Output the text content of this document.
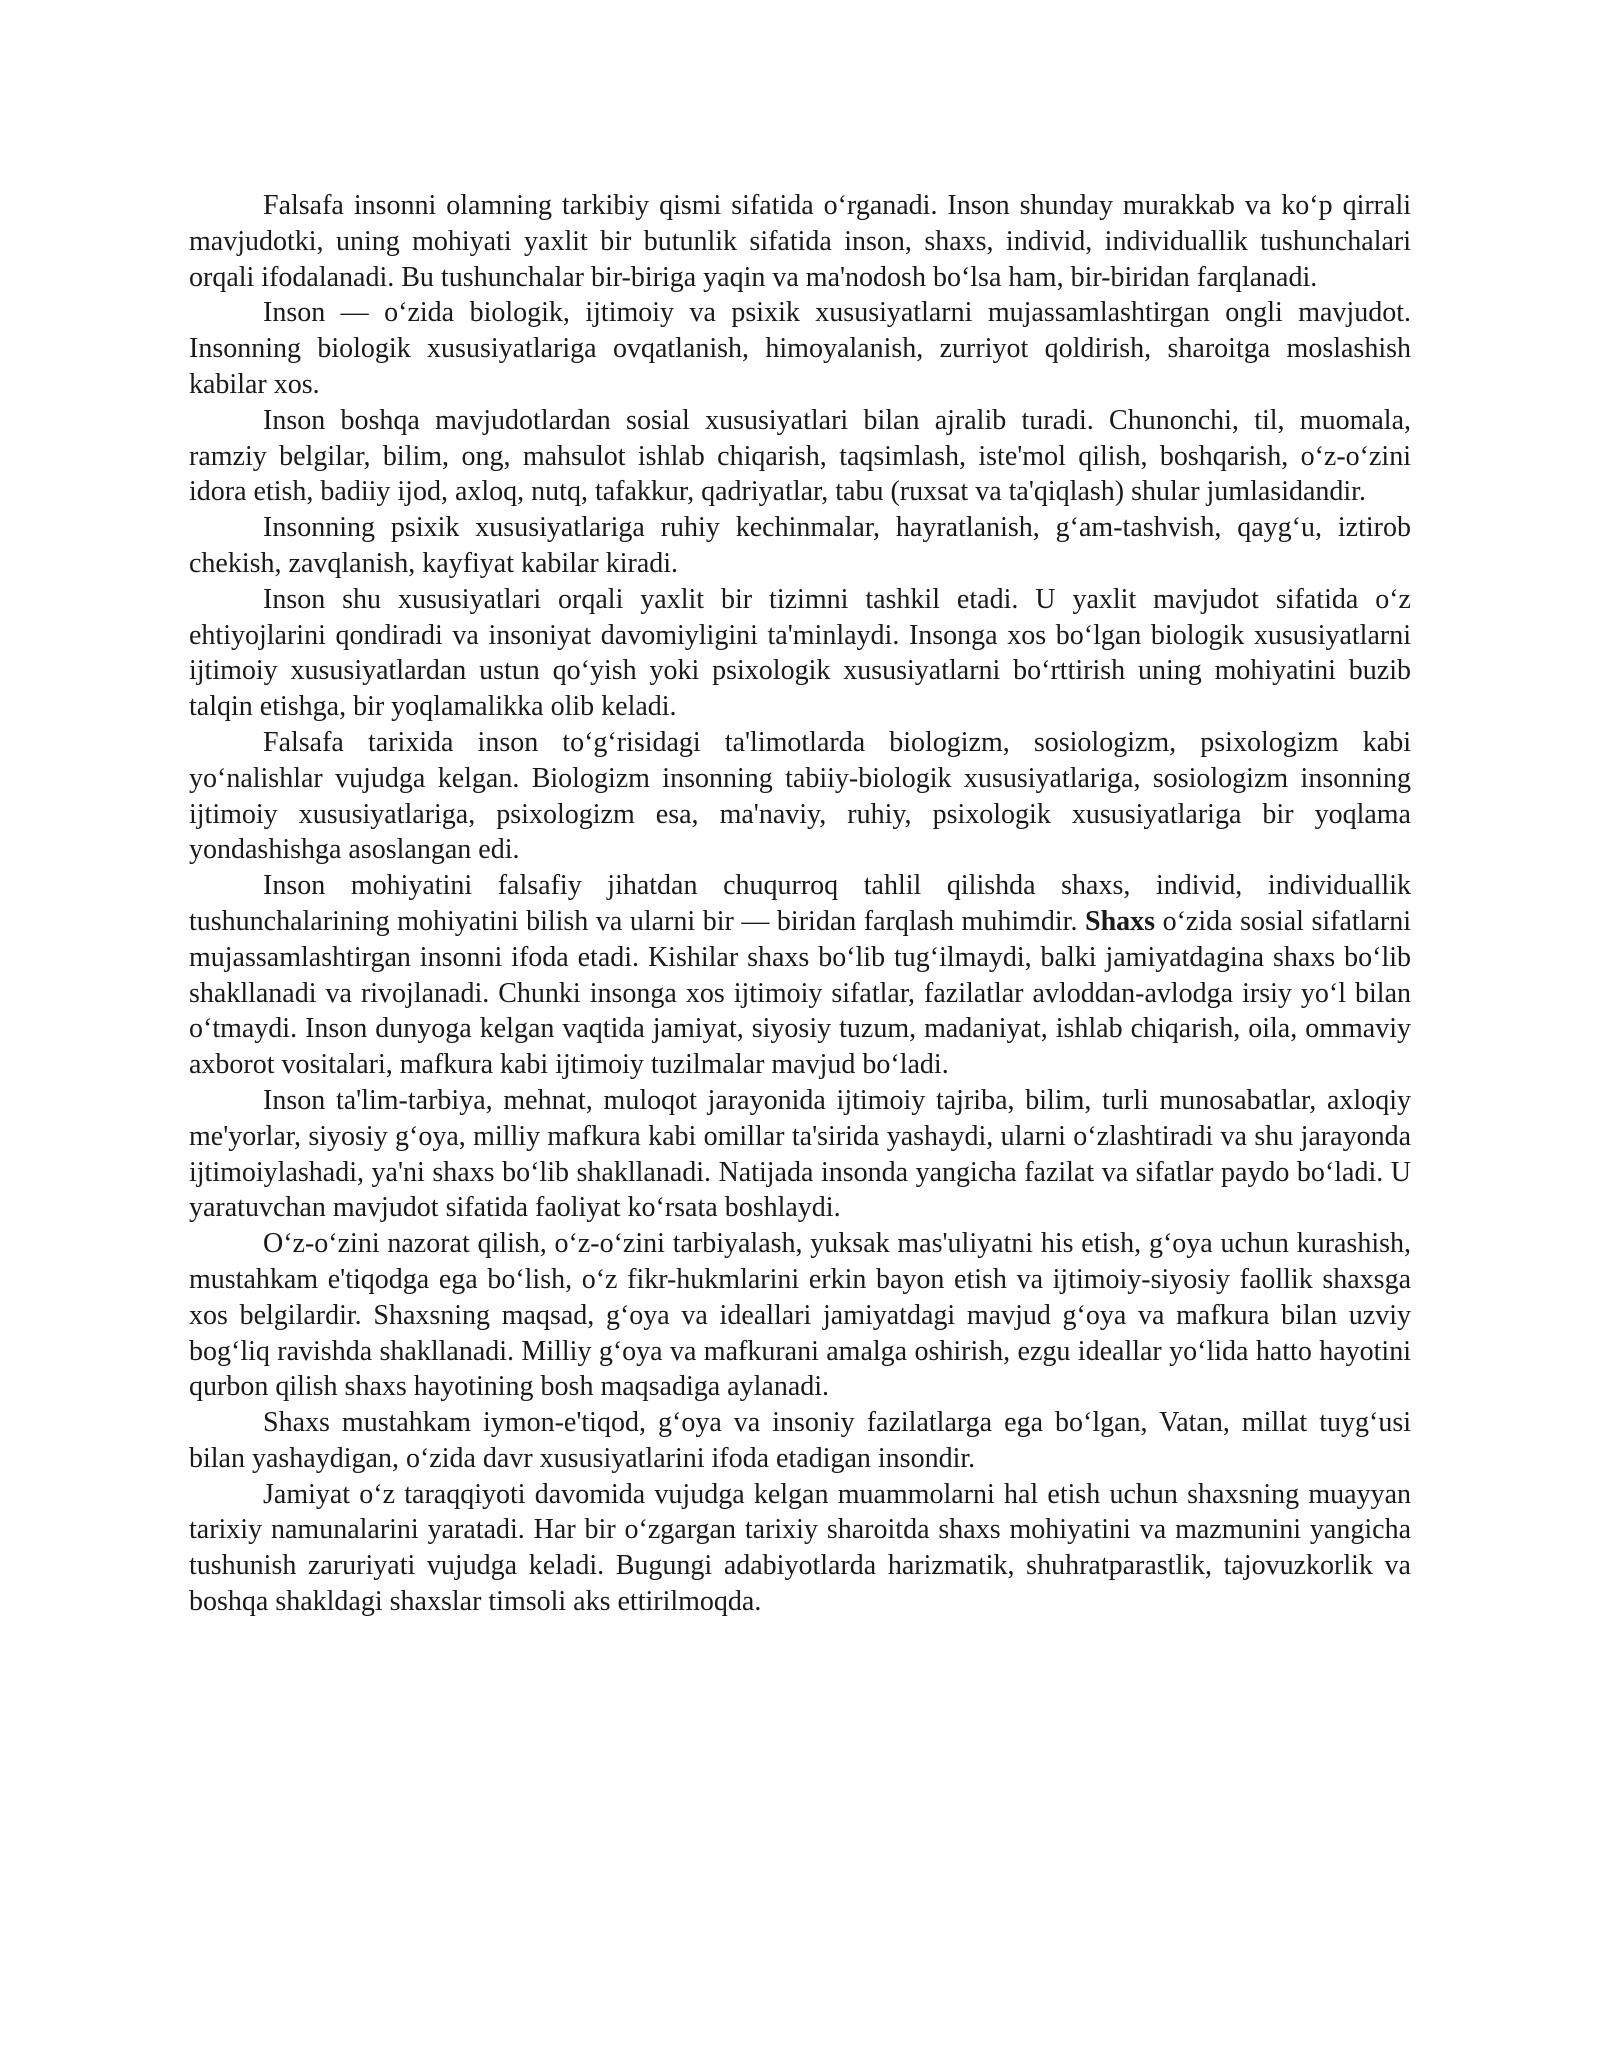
Falsafa insonni olamning tarkibiy qismi sifatida o‘rganadi. Inson shunday murakkab va ko‘p qirrali mavjudotki, uning mohiyati yaxlit bir butunlik sifatida inson, shaxs, individ, individuallik tushunchalari orqali ifodalanadi. Bu tushunchalar bir-biriga yaqin va ma'nodosh bo‘lsa ham, bir-biridan farqlanadi.

Inson — o‘zida biologik, ijtimoiy va psixik xususiyatlarni mujassamlashtirgan ongli mavjudot. Insonning biologik xususiyatlariga ovqatlanish, himoyalanish, zurriyot qoldirish, sharoitga moslashish kabilar xos.

Inson boshqa mavjudotlardan sosial xususiyatlari bilan ajralib turadi. Chunonchi, til, muomala, ramziy belgilar, bilim, ong, mahsulot ishlab chiqarish, taqsimlash, iste'mol qilish, boshqarish, o‘z-o‘zini idora etish, badiiy ijod, axloq, nutq, tafakkur, qadriyatlar, tabu (ruxsat va ta'qiqlash) shular jumlasidandir.

Insonning psixik xususiyatlariga ruhiy kechinmalar, hayratlanish, g‘am-tashvish, qayg‘u, iztirob chekish, zavqlanish, kayfiyat kabilar kiradi.

Inson shu xususiyatlari orqali yaxlit bir tizimni tashkil etadi. U yaxlit mavjudot sifatida o‘z ehtiyojlarini qondiradi va insoniyat davomiyligini ta'minlaydi. Insonga xos bo‘lgan biologik xususiyatlarni ijtimoiy xususiyatlardan ustun qo‘yish yoki psixologik xususiyatlarni bo‘rttirish uning mohiyatini buzib talqin etishga, bir yoqlamalikka olib keladi.

Falsafa tarixida inson to‘g‘risidagi ta'limotlarda biologizm, sosiologizm, psixologizm kabi yo‘nalishlar vujudga kelgan. Biologizm insonning tabiiy-biologik xususiyatlariga, sosiologizm insonning ijtimoiy xususiyatlariga, psixologizm esa, ma'naviy, ruhiy, psixologik xususiyatlariga bir yoqlama yondashishga asoslangan edi.

Inson mohiyatini falsafiy jihatdan chuqurroq tahlil qilishda shaxs, individ, individuallik tushunchalarining mohiyatini bilish va ularni bir — biridan farqlash muhimdir. Shaxs o‘zida sosial sifatlarni mujassamlashtirgan insonni ifoda etadi. Kishilar shaxs bo‘lib tug‘ilmaydi, balki jamiyatdagina shaxs bo‘lib shakllanadi va rivojlanadi. Chunki insonga xos ijtimoiy sifatlar, fazilatlar avloddan-avlodga irsiy yo‘l bilan o‘tmaydi. Inson dunyoga kelgan vaqtida jamiyat, siyosiy tuzum, madaniyat, ishlab chiqarish, oila, ommaviy axborot vositalari, mafkura kabi ijtimoiy tuzilmalar mavjud bo‘ladi.

Inson ta'lim-tarbiya, mehnat, muloqot jarayonida ijtimoiy tajriba, bilim, turli munosabatlar, axloqiy me'yorlar, siyosiy g‘oya, milliy mafkura kabi omillar ta'sirida yashaydi, ularni o‘zlashtiradi va shu jarayonda ijtimoiylashadi, ya'ni shaxs bo‘lib shakllanadi. Natijada insonda yangicha fazilat va sifatlar paydo bo‘ladi. U yaratuvchan mavjudot sifatida faoliyat ko‘rsata boshlaydi.

O‘z-o‘zini nazorat qilish, o‘z-o‘zini tarbiyalash, yuksak mas'uliyatni his etish, g‘oya uchun kurashish, mustahkam e'tiqodga ega bo‘lish, o‘z fikr-hukmlarini erkin bayon etish va ijtimoiy-siyosiy faollik shaxsga xos belgilardir. Shaxsning maqsad, g‘oya va ideallari jamiyatdagi mavjud g‘oya va mafkura bilan uzviy bog‘liq ravishda shakllanadi. Milliy g‘oya va mafkurani amalga oshirish, ezgu ideallar yo‘lida hatto hayotini qurbon qilish shaxs hayotining bosh maqsadiga aylanadi.

Shaxs mustahkam iymon-e'tiqod, g‘oya va insoniy fazilatlarga ega bo‘lgan, Vatan, millat tuyg‘usi bilan yashaydigan, o‘zida davr xususiyatlarini ifoda etadigan insondir.

Jamiyat o‘z taraqqiyoti davomida vujudga kelgan muammolarni hal etish uchun shaxsning muayyan tarixiy namunalarini yaratadi. Har bir o‘zgargan tarixiy sharoitda shaxs mohiyatini va mazmunini yangicha tushunish zaruriyati vujudga keladi. Bugungi adabiyotlarda harizmatik, shuhratparastlik, tajovuzkorlik va boshqa shakldagi shaxslar timsoli aks ettirilmoqda.
